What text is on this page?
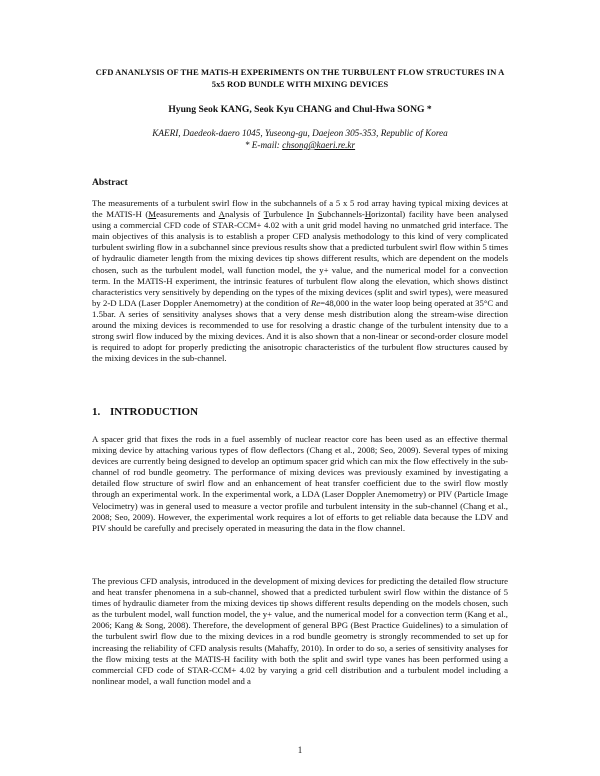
CFD ANANLYSIS OF THE MATIS-H EXPERIMENTS ON THE TURBULENT FLOW STRUCTURES IN A 5x5 ROD BUNDLE WITH MIXING DEVICES
Hyung Seok KANG, Seok Kyu CHANG and Chul-Hwa SONG *
KAERI, Daedeok-daero 1045, Yuseong-gu, Daejeon 305-353, Republic of Korea
* E-mail: chsong@kaeri.re.kr
Abstract
The measurements of a turbulent swirl flow in the subchannels of a 5 x 5 rod array having typical mixing devices at the MATIS-H (Measurements and Analysis of Turbulence In Subchannels-Horizontal) facility have been analysed using a commercial CFD code of STAR-CCM+ 4.02 with a unit grid model having no unmatched grid interface. The main objectives of this analysis is to establish a proper CFD analysis methodology to this kind of very complicated turbulent swirling flow in a subchannel since previous results show that a predicted turbulent swirl flow within 5 times of hydraulic diameter length from the mixing devices tip shows different results, which are dependent on the models chosen, such as the turbulent model, wall function model, the y+ value, and the numerical model for a convection term. In the MATIS-H experiment, the intrinsic features of turbulent flow along the elevation, which shows distinct characteristics very sensitively by depending on the types of the mixing devices (split and swirl types), were measured by 2-D LDA (Laser Doppler Anemometry) at the condition of Re=48,000 in the water loop being operated at 35°C and 1.5bar. A series of sensitivity analyses shows that a very dense mesh distribution along the stream-wise direction around the mixing devices is recommended to use for resolving a drastic change of the turbulent intensity due to a strong swirl flow induced by the mixing devices. And it is also shown that a non-linear or second-order closure model is required to adopt for properly predicting the anisotropic characteristics of the turbulent flow structures caused by the mixing devices in the sub-channel.
1. INTRODUCTION
A spacer grid that fixes the rods in a fuel assembly of nuclear reactor core has been used as an effective thermal mixing device by attaching various types of flow deflectors (Chang et al., 2008; Seo, 2009). Several types of mixing devices are currently being designed to develop an optimum spacer grid which can mix the flow effectively in the sub-channel of rod bundle geometry. The performance of mixing devices was previously examined by investigating a detailed flow structure of swirl flow and an enhancement of heat transfer coefficient due to the swirl flow mostly through an experimental work. In the experimental work, a LDA (Laser Doppler Anemometry) or PIV (Particle Image Velocimetry) was in general used to measure a vector profile and turbulent intensity in the sub-channel (Chang et al., 2008; Seo, 2009). However, the experimental work requires a lot of efforts to get reliable data because the LDV and PIV should be carefully and precisely operated in measuring the data in the flow channel.
The previous CFD analysis, introduced in the development of mixing devices for predicting the detailed flow structure and heat transfer phenomena in a sub-channel, showed that a predicted turbulent swirl flow within the distance of 5 times of hydraulic diameter from the mixing devices tip shows different results depending on the models chosen, such as the turbulent model, wall function model, the y+ value, and the numerical model for a convection term (Kang et al., 2006; Kang & Song, 2008). Therefore, the development of general BPG (Best Practice Guidelines) to a simulation of the turbulent swirl flow due to the mixing devices in a rod bundle geometry is strongly recommended to set up for increasing the reliability of CFD analysis results (Mahaffy, 2010). In order to do so, a series of sensitivity analyses for the flow mixing tests at the MATIS-H facility with both the split and swirl type vanes has been performed using a commercial CFD code of STAR-CCM+ 4.02 by varying a grid cell distribution and a turbulent model including a nonlinear model, a wall function model and a
1
